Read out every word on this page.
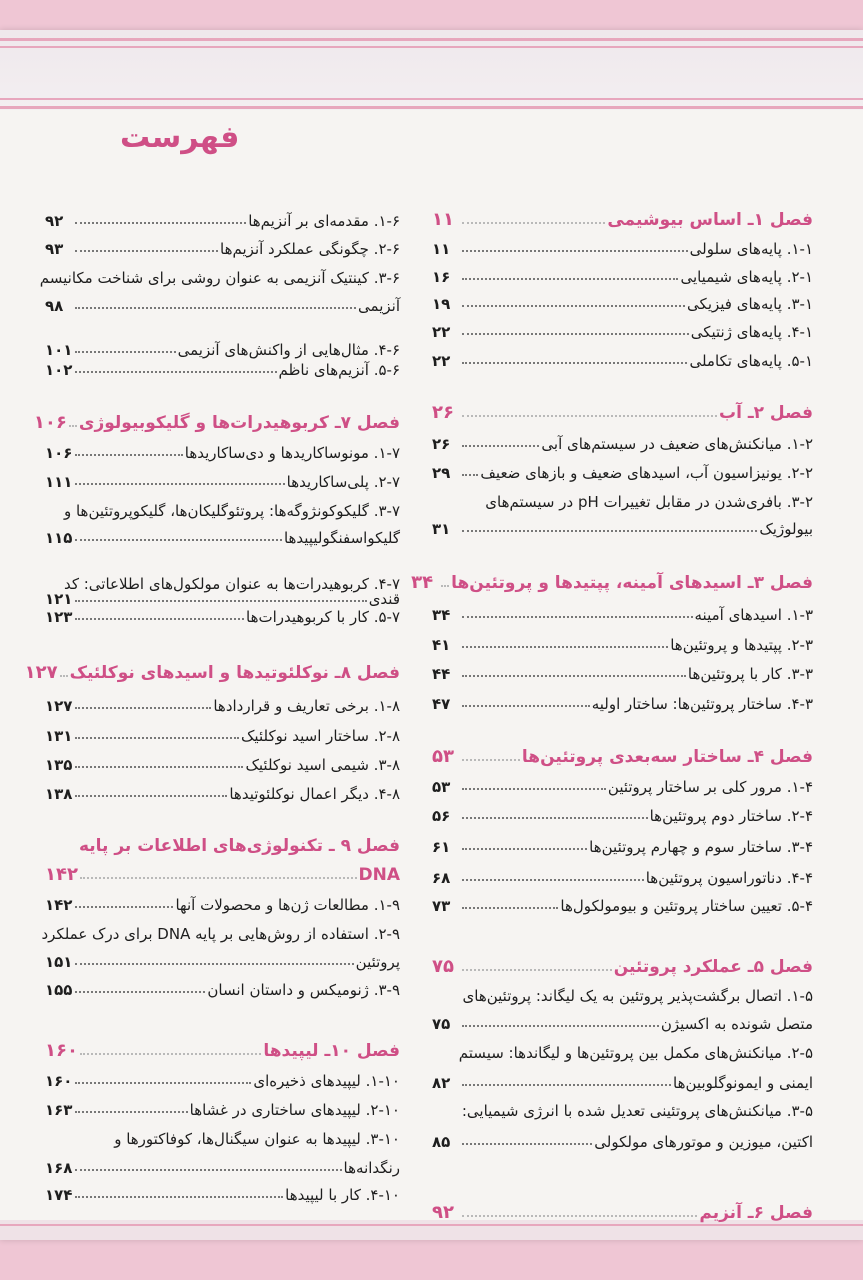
فهرست
فصل ۱ـ اساس بیوشیمی
۱۱
۱-۱. پایه‌های سلولی
۱۱
۲-۱. پایه‌های شیمیایی
۱۶
۳-۱. پایه‌های فیزیکی
۱۹
۴-۱. پایه‌های ژنتیکی
۲۲
۵-۱. پایه‌های تکاملی
۲۲
فصل ۲ـ آب
۲۶
۱-۲. میانکنش‌های ضعیف در سیستم‌های آبی
۲۶
۲-۲. یونیزاسیون آب، اسیدهای ضعیف و بازهای ضعیف
۲۹
۳-۲. بافری‌شدن در مقابل تغییرات pH در سیستم‌های
بیولوژیک
۳۱
فصل ۳ـ اسیدهای آمینه، پپتیدها و پروتئین‌ها
۳۴
۱-۳. اسیدهای آمینه
۳۴
۲-۳. پپتیدها و پروتئین‌ها
۴۱
۳-۳. کار با پروتئین‌ها
۴۴
۴-۳. ساختار پروتئین‌ها: ساختار اولیه
۴۷
فصل ۴ـ ساختار سه‌بعدی پروتئین‌ها
۵۳
۱-۴. مرور کلی بر ساختار پروتئین
۵۳
۲-۴. ساختار دوم پروتئین‌ها
۵۶
۳-۴. ساختار سوم و چهارم پروتئین‌ها
۶۱
۴-۴. دناتوراسیون پروتئین‌ها
۶۸
۵-۴. تعیین ساختار پروتئین و بیومولکول‌ها
۷۳
فصل ۵ـ عملکرد پروتئین
۷۵
۱-۵. اتصال برگشت‌پذیر پروتئین به یک لیگاند: پروتئین‌های
متصل شونده به اکسیژن
۷۵
۲-۵. میانکنش‌های مکمل بین پروتئین‌ها و لیگاندها: سیستم
ایمنی و ایمونوگلوبین‌ها
۸۲
۳-۵. میانکنش‌های پروتئینی تعدیل شده با انرژی شیمیایی:
اکتین، میوزین و موتورهای مولکولی
۸۵
فصل ۶ـ آنزیم
۹۲
۱-۶. مقدمه‌ای بر آنزیم‌ها
۹۲
۲-۶. چگونگی عملکرد آنزیم‌ها
۹۳
۳-۶. کینتیک آنزیمی به عنوان روشی برای شناخت مکانیسم
آنزیمی
۹۸
۴-۶. مثال‌هایی از واکنش‌های آنزیمی
۱۰۱
۵-۶. آنزیم‌های ناظم
۱۰۲
فصل ۷ـ کربوهیدرات‌ها و گلیکوبیولوژی
۱۰۶
۱-۷. مونوساکاریدها و دی‌ساکاریدها
۱۰۶
۲-۷. پلی‌ساکاریدها
۱۱۱
۳-۷. گلیکوکونژوگه‌ها: پروتئوگلیکان‌ها، گلیکوپروتئین‌ها و
گلیکواسفنگولیپیدها
۱۱۵
۴-۷. کربوهیدرات‌ها به عنوان مولکول‌های اطلاعاتی: کد
قندی
۱۲۱
۵-۷. کار با کربوهیدرات‌ها
۱۲۳
فصل ۸ـ نوکلئوتیدها و اسیدهای نوکلئیک
۱۲۷
۱-۸. برخی تعاریف و قراردادها
۱۲۷
۲-۸. ساختار اسید نوکلئیک
۱۳۱
۳-۸. شیمی اسید نوکلئیک
۱۳۵
۴-۸. دیگر اعمال نوکلئوتیدها
۱۳۸
فصل ۹ ـ تکنولوژی‌های اطلاعات بر پایه
DNA
۱۴۲
۱-۹. مطالعات ژن‌ها و محصولات آنها
۱۴۲
۲-۹. استفاده از روش‌هایی بر پایه DNA برای درک عملکرد
پروتئین
۱۵۱
۳-۹. ژنومیکس و داستان انسان
۱۵۵
فصل ۱۰ـ لیپیدها
۱۶۰
۱-۱۰. لیپیدهای ذخیره‌ای
۱۶۰
۲-۱۰. لیپیدهای ساختاری در غشاها
۱۶۳
۳-۱۰. لیپیدها به عنوان سیگنال‌ها، کوفاکتورها و
رنگدانه‌ها
۱۶۸
۴-۱۰. کار با لیپیدها
۱۷۴
